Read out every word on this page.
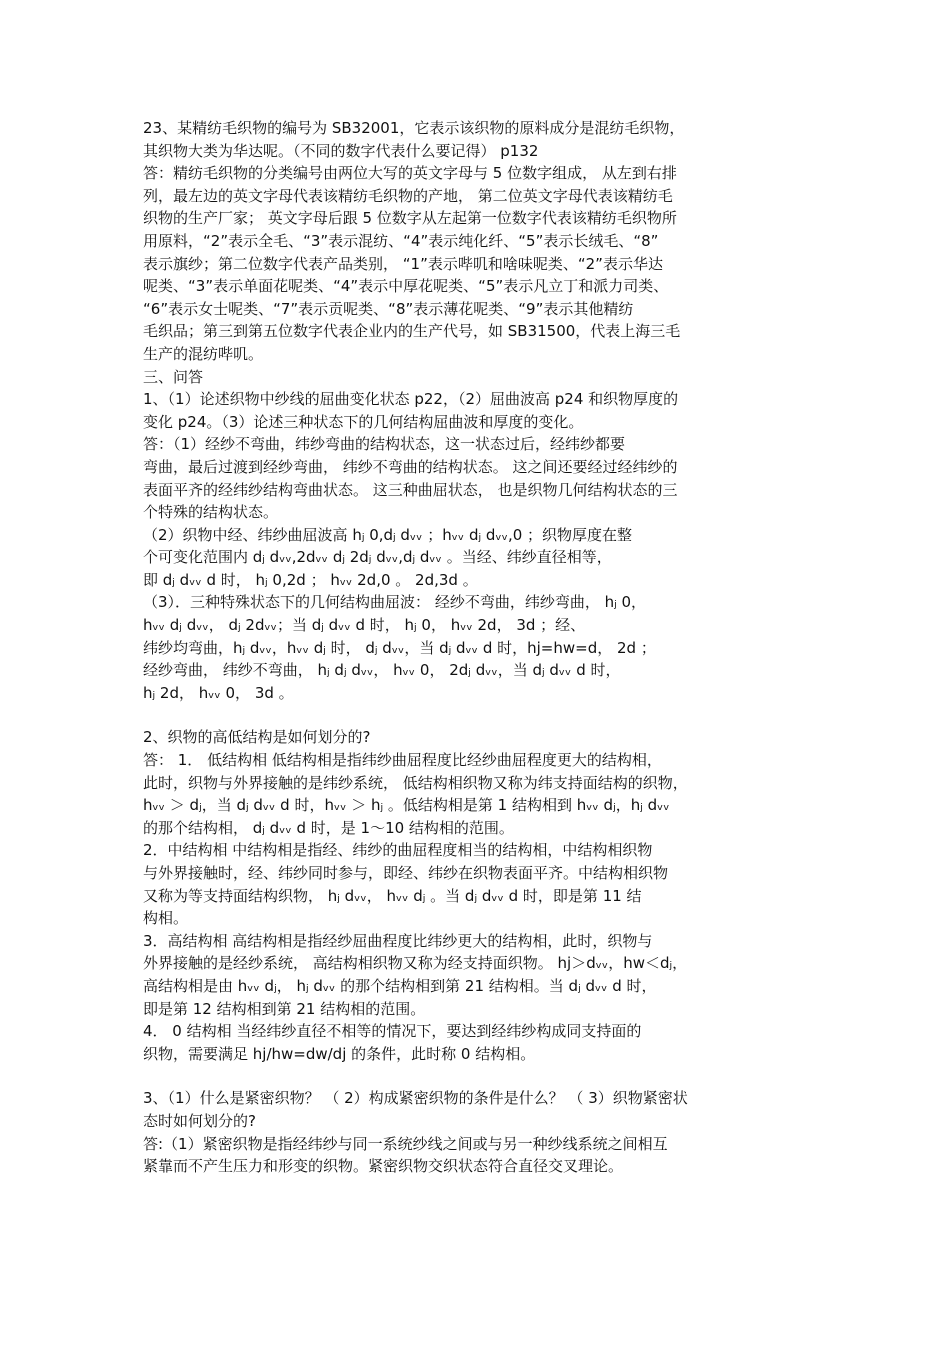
23、某精纺毛织物的编号为 SB32001，它表示该织物的原料成分是混纺毛织物，
其织物大类为华达呢。（不同的数字代表什么要记得） p132
答：精纺毛织物的分类编号由两位大写的英文字母与 5 位数字组成， 从左到右排
列，最左边的英文字母代表该精纺毛织物的产地， 第二位英文字母代表该精纺毛
织物的生产厂家； 英文字母后跟 5 位数字从左起第一位数字代表该精纺毛织物所
用原料，“2”表示全毛、“3”表示混纺、“4”表示纯化纤、“5”表示长绒毛、“8”
表示旗纱；第二位数字代表产品类别， “1”表示哔叽和啥味呢类、“2”表示华达
呢类、“3”表示单面花呢类、“4”表示中厚花呢类、“5”表示凡立丁和派力司类、
“6”表示女士呢类、“7”表示贡呢类、“8”表示薄花呢类、“9”表示其他精纺
毛织品；第三到第五位数字代表企业内的生产代号，如 SB31500，代表上海三毛
生产的混纺哔叽。
三、问答
1、（1）论述织物中纱线的屈曲变化状态 p22，（2）屈曲波高 p24 和织物厚度的
变化 p24。（3）论述三种状态下的几何结构屈曲波和厚度的变化。
答：（1）经纱不弯曲，纬纱弯曲的结构状态，这一状态过后，经纬纱都要
弯曲，最后过渡到经纱弯曲， 纬纱不弯曲的结构状态。 这之间还要经过经纬纱的
表面平齐的经纬纱结构弯曲状态。 这三种曲屈状态， 也是织物几何结构状态的三
个特殊的结构状态。
（2）织物中经、纬纱曲屈波高 hⱼ 0,dⱼ dᵥᵥ ；hᵥᵥ dⱼ dᵥᵥ,0 ；织物厚度在整
个可变化范围内 dⱼ dᵥᵥ,2dᵥᵥ dⱼ 2dⱼ dᵥᵥ,dⱼ dᵥᵥ 。当经、纬纱直径相等，
即 dⱼ dᵥᵥ d 时， hⱼ 0,2d ； hᵥᵥ 2d,0 。 2d,3d 。
（3）．三种特殊状态下的几何结构曲屈波： 经纱不弯曲，纬纱弯曲， hⱼ 0，
hᵥᵥ dⱼ dᵥᵥ， dⱼ 2dᵥᵥ；当 dⱼ dᵥᵥ d 时， hⱼ 0， hᵥᵥ 2d， 3d ；经、
纬纱均弯曲，hⱼ dᵥᵥ，hᵥᵥ dⱼ 时， dⱼ dᵥᵥ，当 dⱼ dᵥᵥ d 时，hj=hw=d， 2d ；
经纱弯曲， 纬纱不弯曲， hⱼ dⱼ dᵥᵥ， hᵥᵥ 0， 2dⱼ dᵥᵥ，当 dⱼ dᵥᵥ d 时，
hⱼ 2d， hᵥᵥ 0， 3d 。
2、织物的高低结构是如何划分的?
答： 1． 低结构相 低结构相是指纬纱曲屈程度比经纱曲屈程度更大的结构相，
此时，织物与外界接触的是纬纱系统， 低结构相织物又称为纬支持面结构的织物，
hᵥᵥ ＞ dⱼ，当 dⱼ dᵥᵥ d 时，hᵥᵥ ＞ hⱼ 。低结构相是第 1 结构相到 hᵥᵥ dⱼ，hⱼ dᵥᵥ
的那个结构相， dⱼ dᵥᵥ d 时，是 1～10 结构相的范围。
2．中结构相 中结构相是指经、纬纱的曲屈程度相当的结构相，中结构相织物
与外界接触时，经、纬纱同时参与，即经、纬纱在织物表面平齐。中结构相织物
又称为等支持面结构织物， hⱼ dᵥᵥ， hᵥᵥ dⱼ 。当 dⱼ dᵥᵥ d 时，即是第 11 结
构相。
3．高结构相 高结构相是指经纱屈曲程度比纬纱更大的结构相，此时，织物与
外界接触的是经纱系统， 高结构相织物又称为经支持面织物。 hj＞dᵥᵥ，hw＜dⱼ，
高结构相是由 hᵥᵥ dⱼ， hⱼ dᵥᵥ 的那个结构相到第 21 结构相。当 dⱼ dᵥᵥ d 时，
即是第 12 结构相到第 21 结构相的范围。
4． 0 结构相 当经纬纱直径不相等的情况下，要达到经纬纱构成同支持面的
织物，需要满足 hj/hw=dw/dj 的条件，此时称 0 结构相。
3、（1）什么是紧密织物？ （ 2）构成紧密织物的条件是什么？ （ 3）织物紧密状
态时如何划分的?
答:（1）紧密织物是指经纬纱与同一系统纱线之间或与另一种纱线系统之间相互
紧靠而不产生压力和形变的织物。紧密织物交织状态符合直径交叉理论。
